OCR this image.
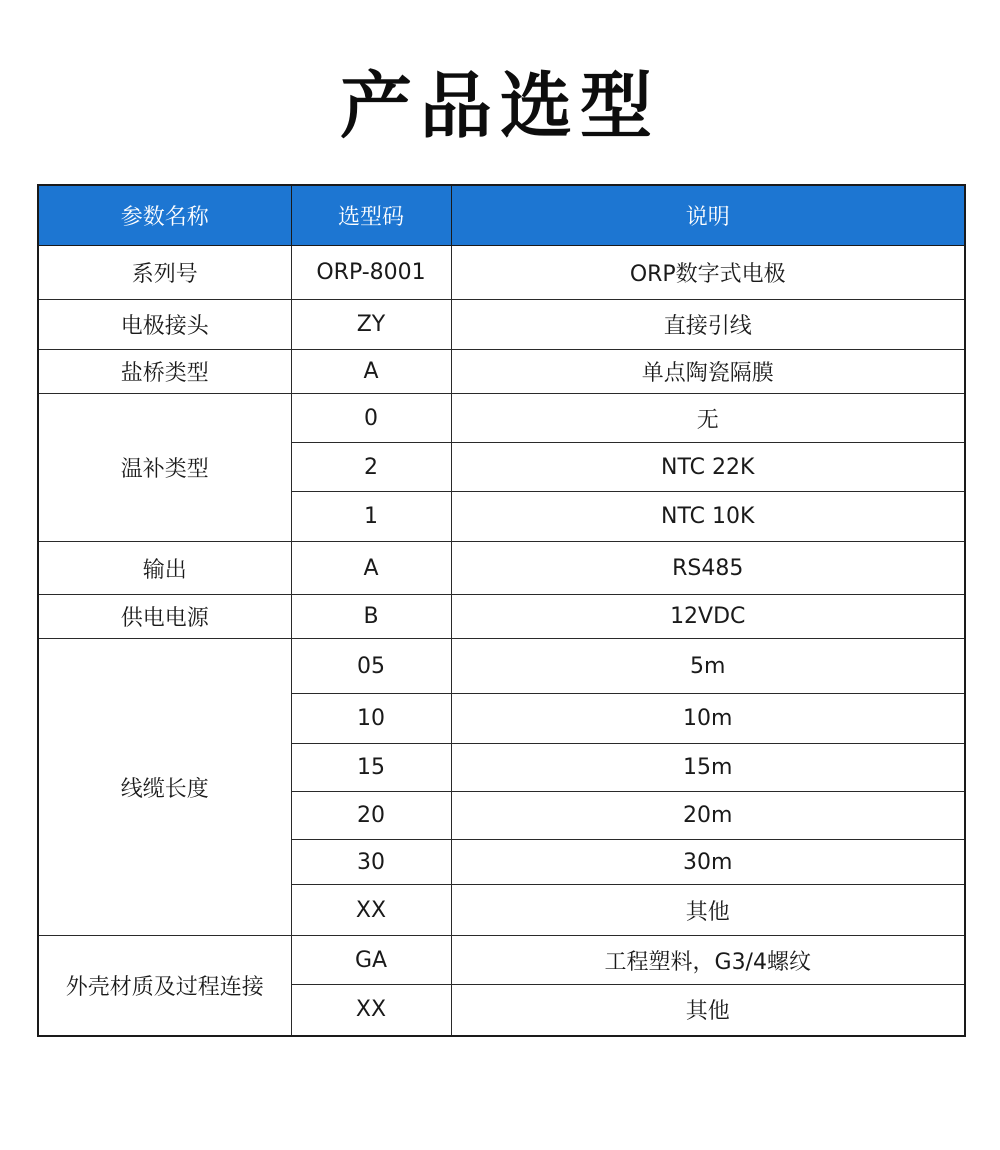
产品选型
参数名称	选型码	说明
系列号	ORP-8001	ORP数字式电极
电极接头	ZY	直接引线
盐桥类型	A	单点陶瓷隔膜
温补类型	0	无
	2	NTC 22K
	1	NTC 10K
输出	A	RS485
供电电源	B	12VDC
线缆长度	05	5m
	10	10m
	15	15m
	20	20m
	30	30m
	XX	其他
外壳材质及过程连接	GA	工程塑料，G3/4螺纹
	XX	其他
